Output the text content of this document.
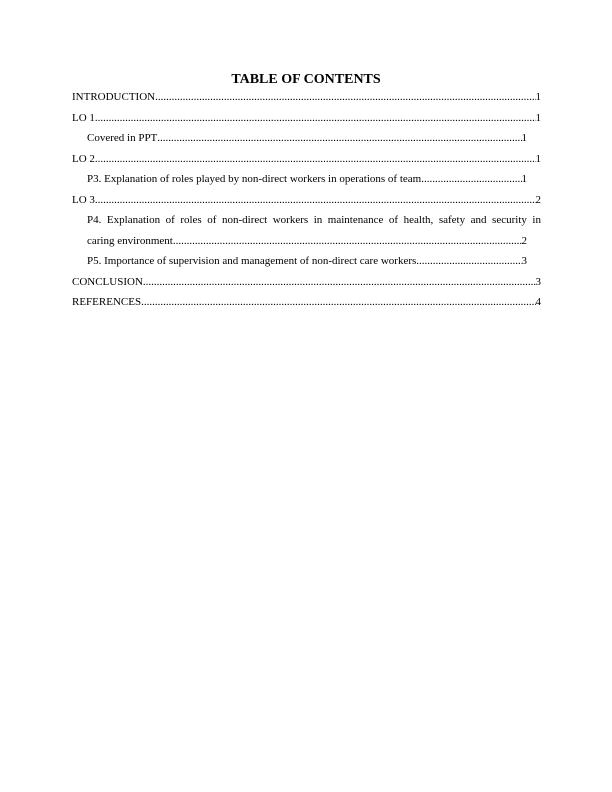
TABLE OF CONTENTS
INTRODUCTION .....	1
LO 1 .....	1
Covered in PPT .....	1
LO 2 .....	1
P3. Explanation of roles played by non-direct workers in operations of team .....	1
LO 3 .....	2
P4. Explanation of roles of non-direct workers in maintenance of health, safety and security in
caring environment .....	2
P5. Importance of supervision and management of non-direct care workers .....	3
CONCLUSION .....	3
REFERENCES .....	4
